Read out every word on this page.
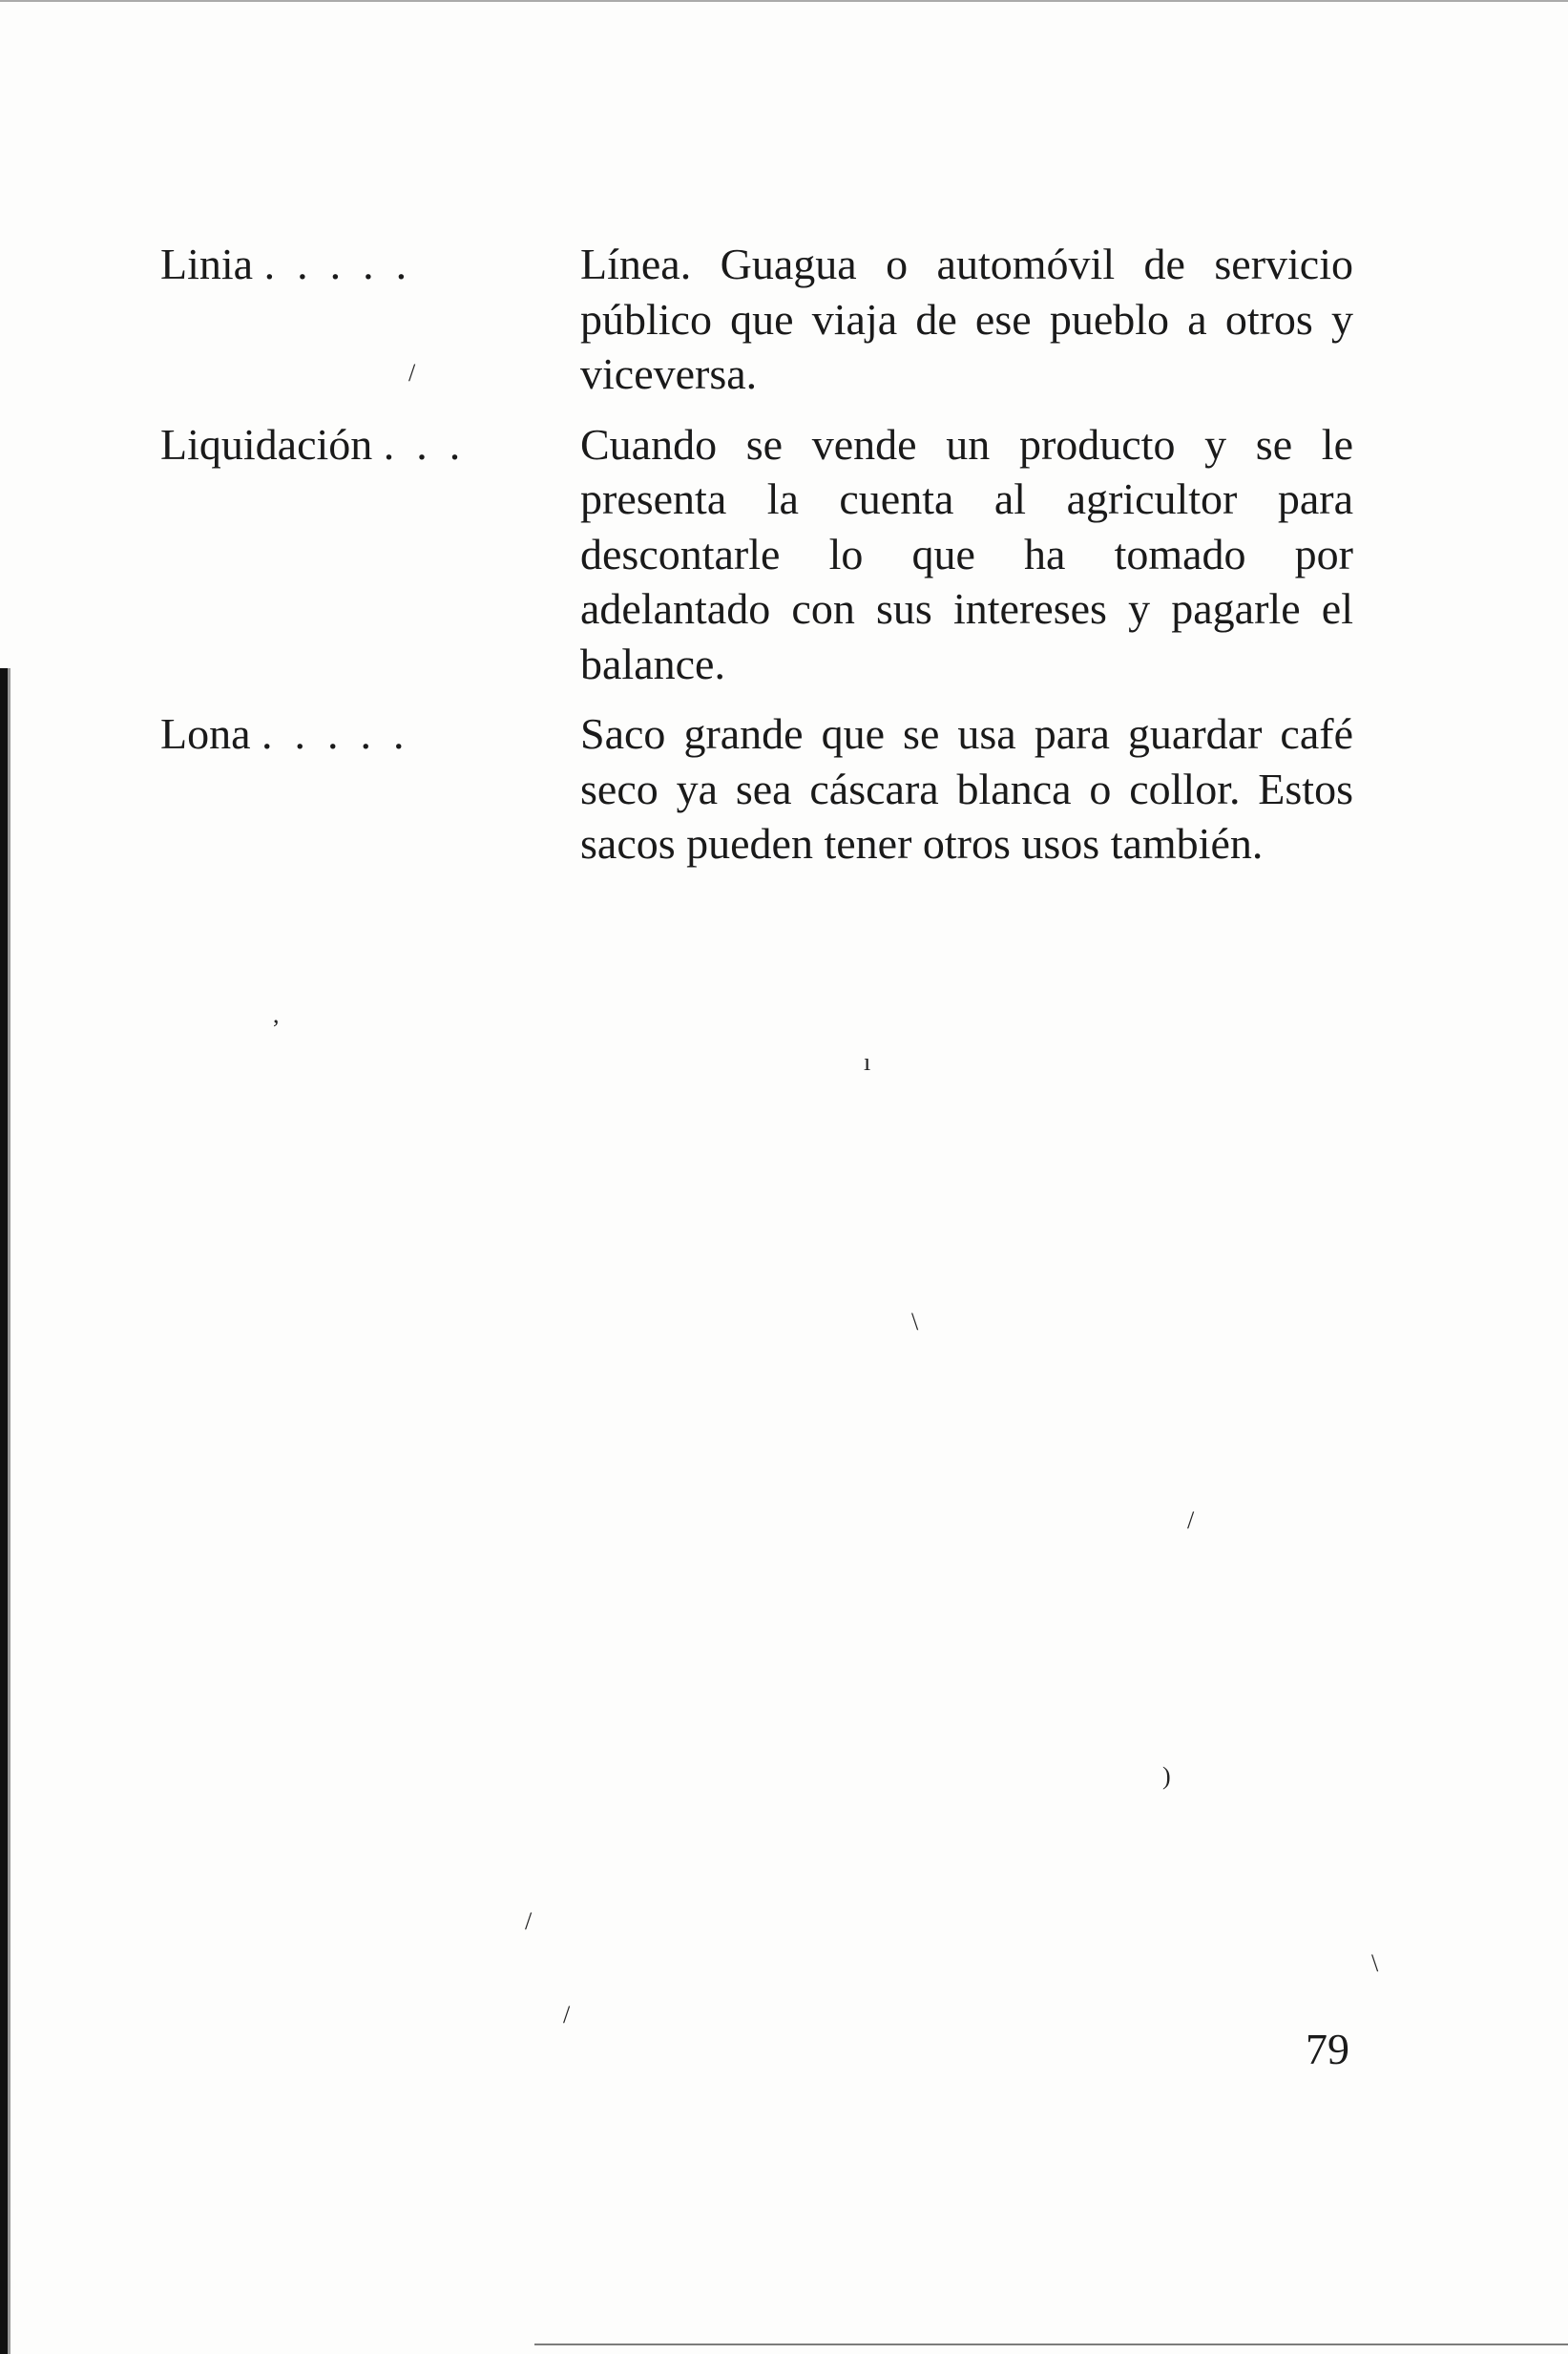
/
,
ı
\
/
)
\
/
/
Linia .  .  .  .  .	Línea. Guagua o automóvil de servicio público que viaja de ese pueblo a otros y viceversa.
Liquidación .  .  .	Cuando se vende un producto y se le presenta la cuenta al agricultor para descontarle lo que ha tomado por adelantado con sus intereses y pagarle el balance.
Lona .  .  .  .  .	Saco grande que se usa para guardar café seco ya sea cáscara blanca o collor. Estos sacos pueden tener otros usos también.
79
